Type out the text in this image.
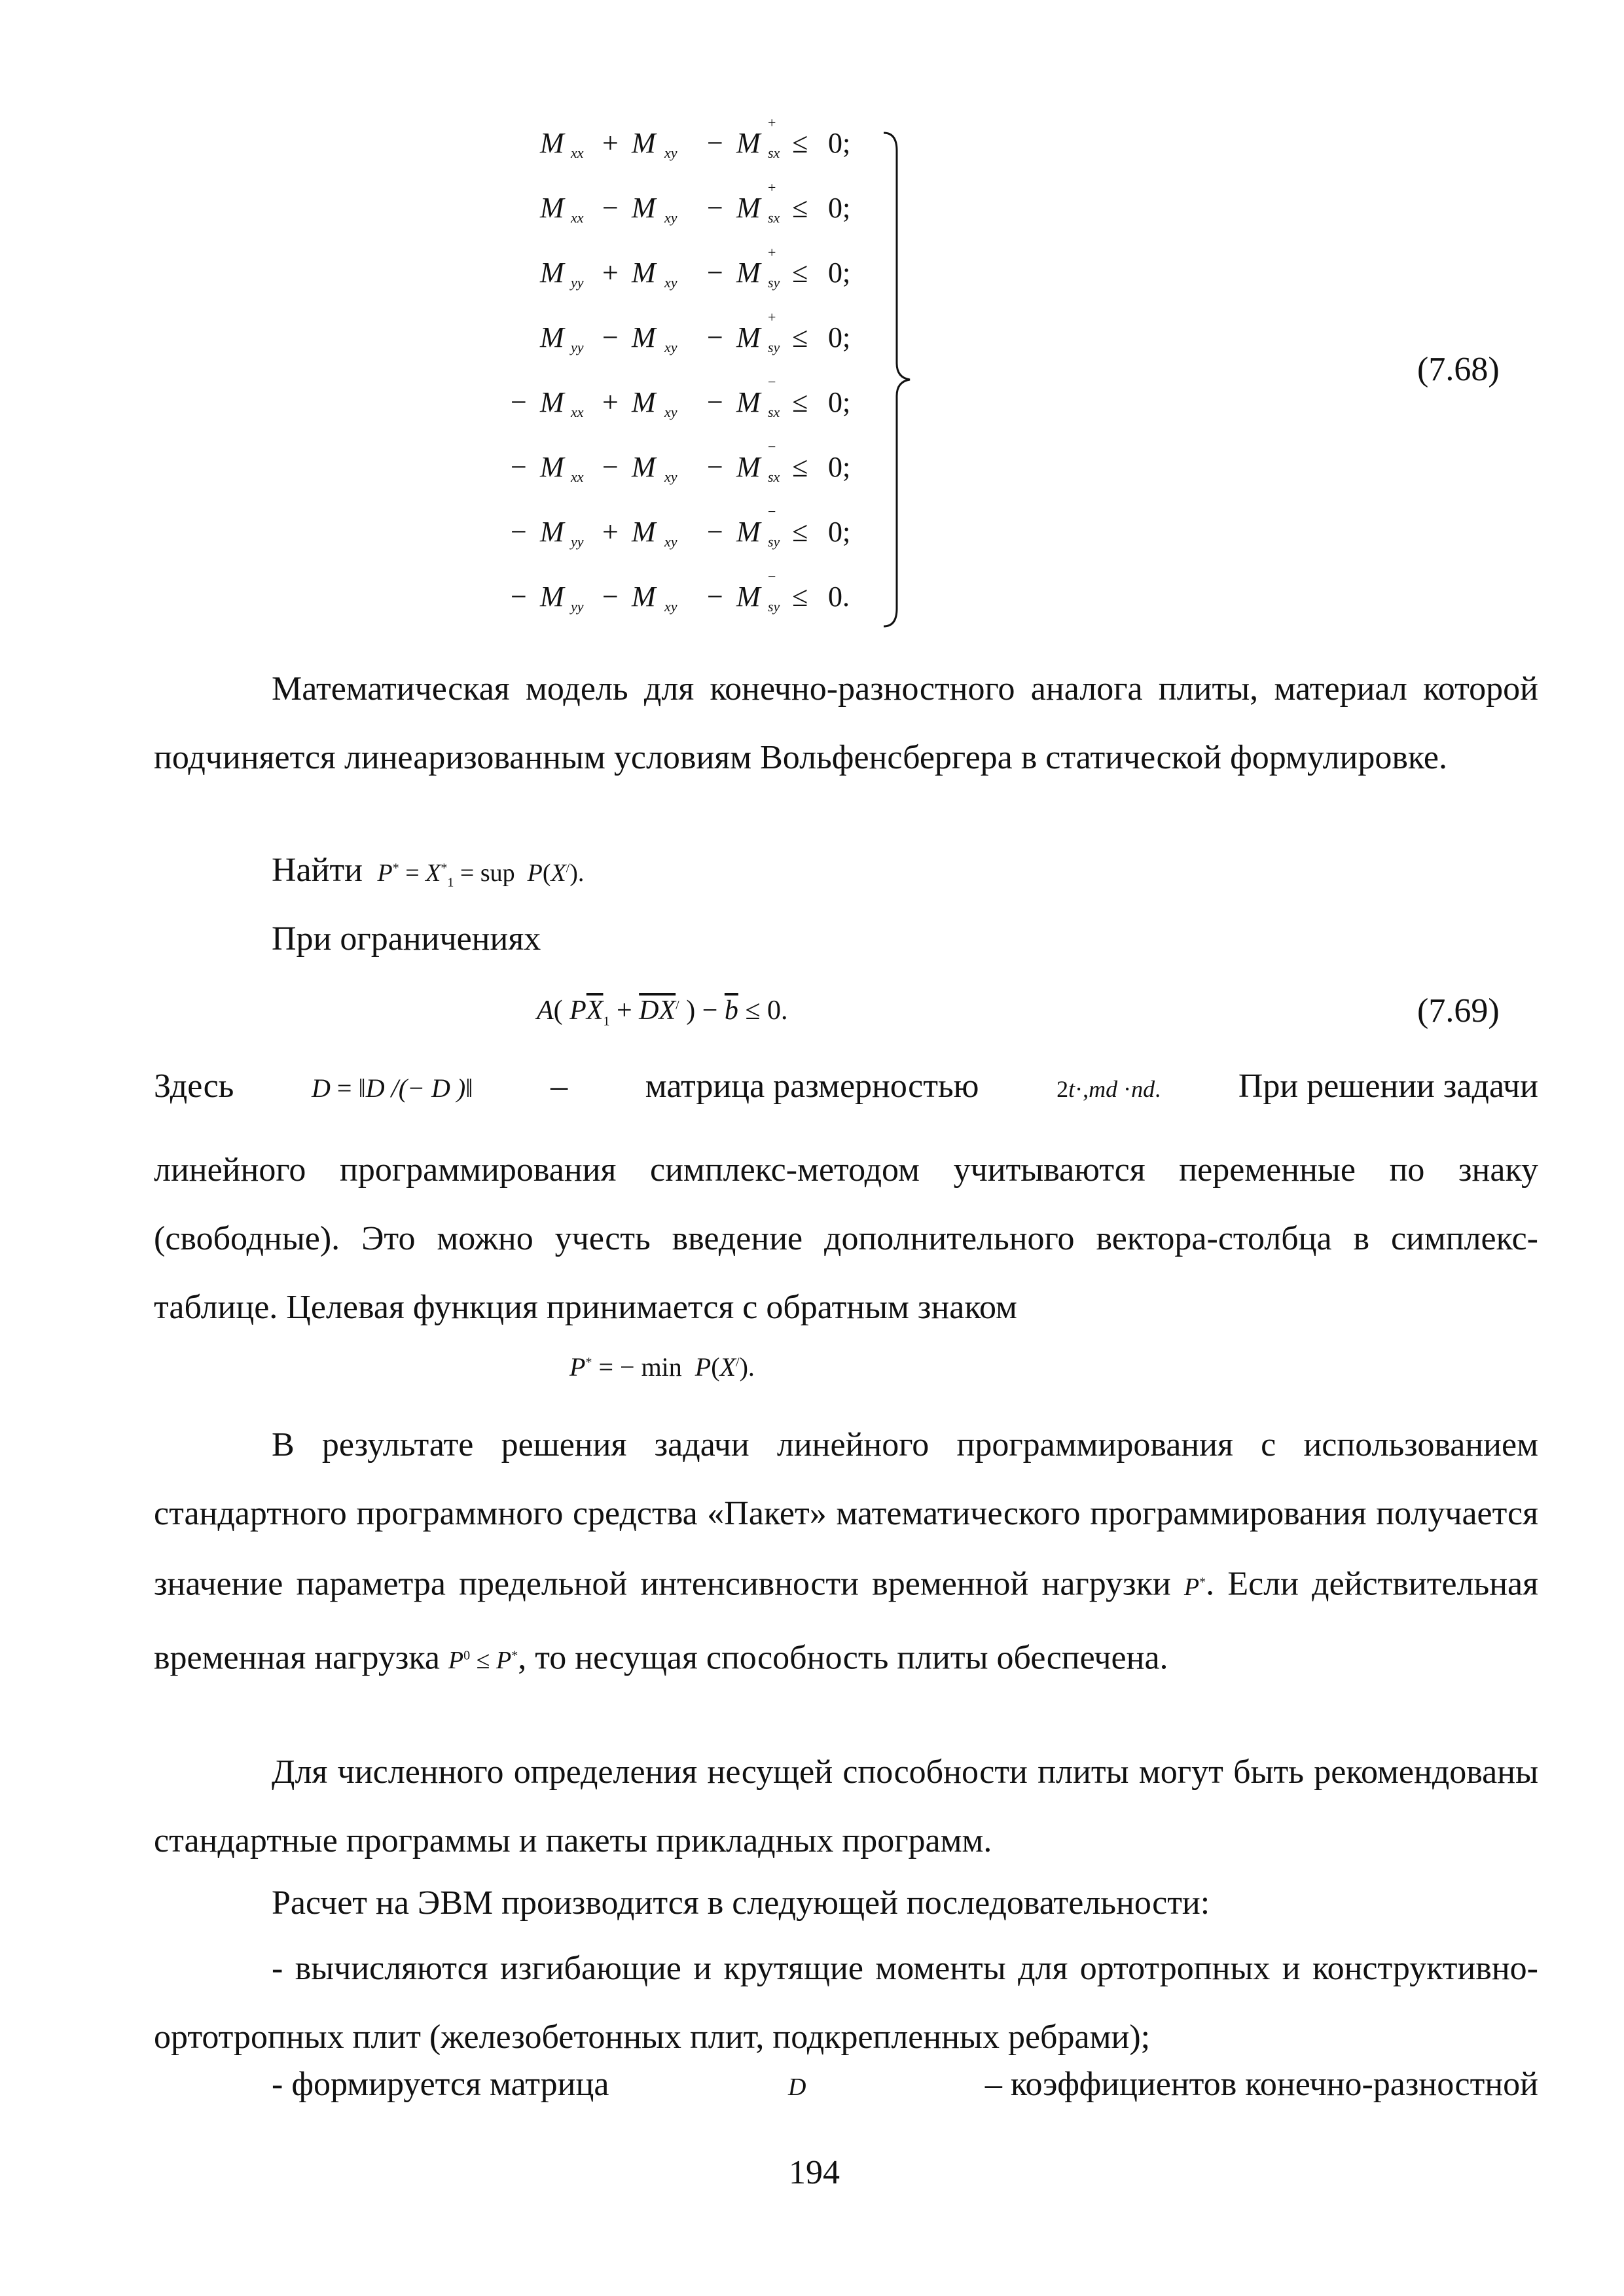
M xx + M xy − M
+
sx ≤ 0;
M xx − M xy − M
+
sx ≤ 0;
M yy + M xy − M
+
sy ≤ 0;
M yy − M xy − M
+
sy ≤ 0;
− M xx + M xy − M
−
sx ≤ 0;
− M xx − M xy − M
−
sx ≤ 0;
− M yy + M xy − M
−
sy ≤ 0;
− M yy − M xy − M
−
sy ≤ 0.
(7.68)
Математическая модель для конечно-разностного аналога плиты, материал которой подчиняется линеаризованным условиям Вольфенсбергера в статической формулировке.
Найти $P^* = X^*_1$ = sup P(X/).
При ограничениях
A( $P\overline{X}_1 + \overline{D}\overline{X}^/$ ) − $\overline{b} \le 0$.	(7.69)
Здесь	D = ‖D /(− D )‖ – матрица размерностью	2t·,md ·nd. При решении задачи
линейного программирования симплекс-методом учитываются переменные по знаку (свободные). Это можно учесть введение дополнительного вектора-столбца в симплекс-таблице. Целевая функция принимается с обратным знаком
P* = − min P(X/).
В результате решения задачи линейного программирования с использованием стандартного программного средства «Пакет» математического программирования получается значение параметра предельной интенсивности временной нагрузки P*. Если действительная временная нагрузка $P^0 \le P^*$, то несущая способность плиты обеспечена.
Для численного определения несущей способности плиты могут быть рекомендованы стандартные программы и пакеты прикладных программ.
Расчет на ЭВМ производится в следующей последовательности:
- вычисляются изгибающие и крутящие моменты для ортотропных и конструктивно-ортотропных плит (железобетонных плит, подкрепленных ребрами);
- формируется матрица	D	– коэффициентов конечно-разностной
194
